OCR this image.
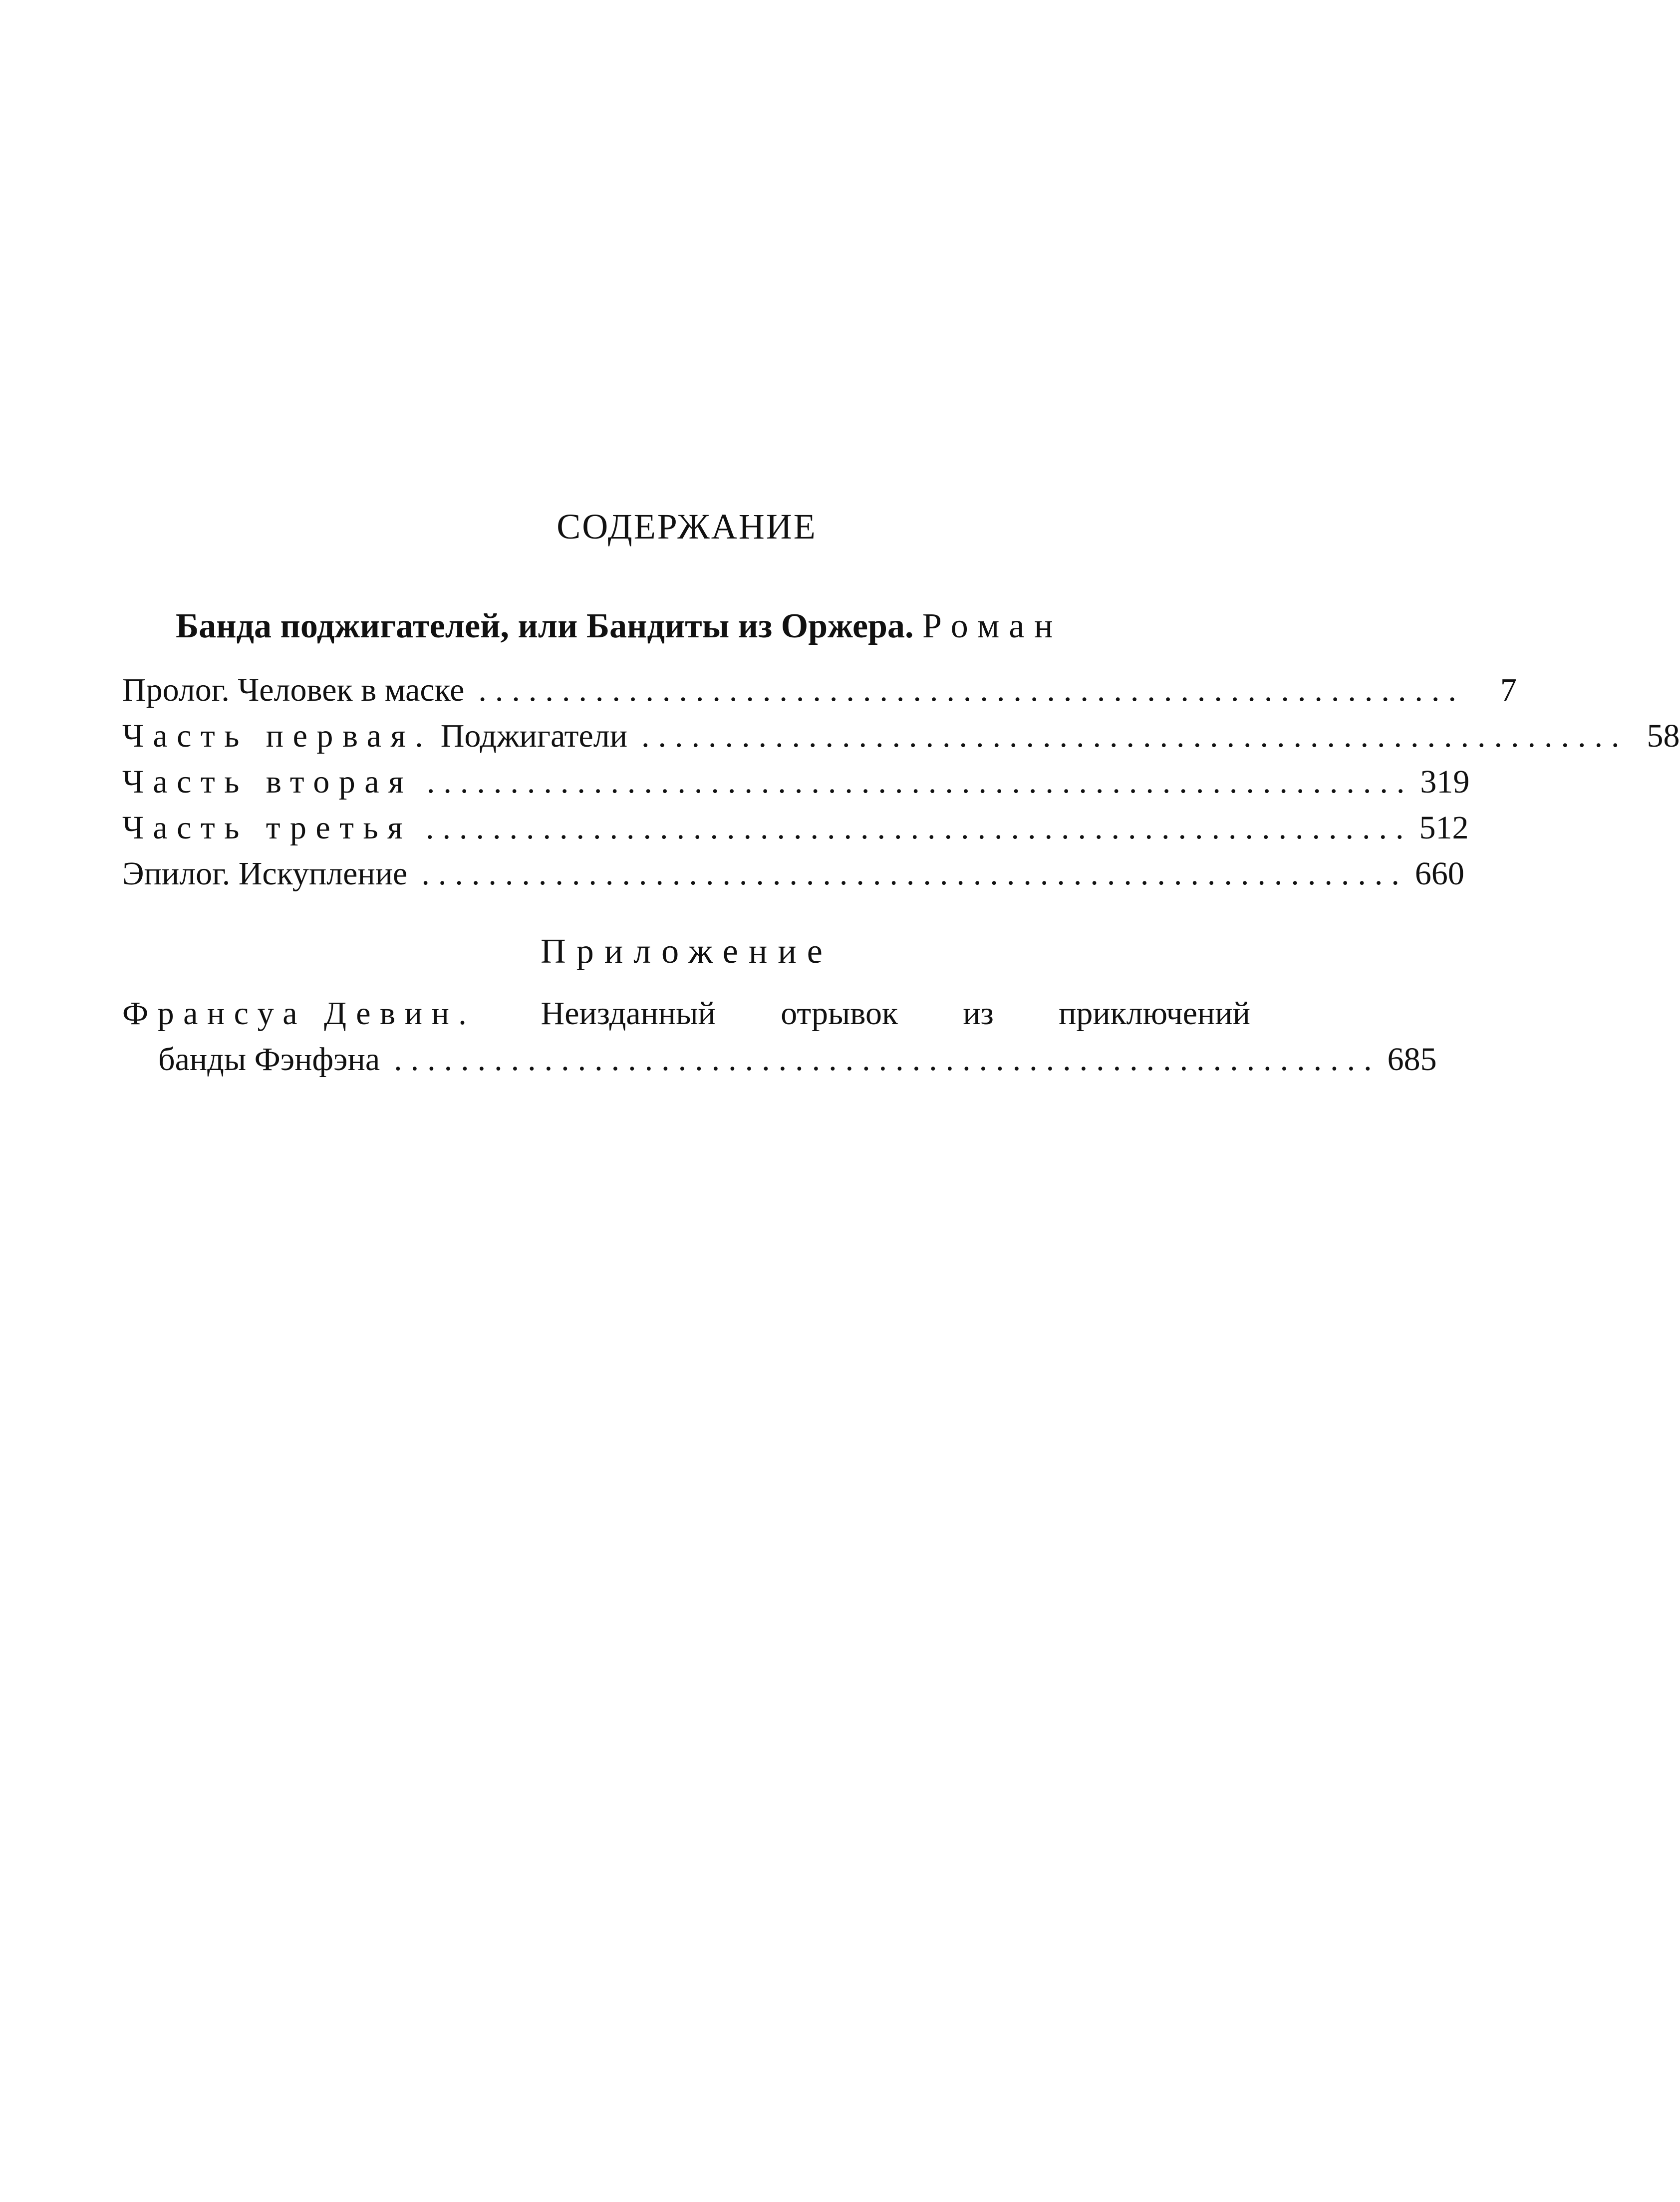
СОДЕРЖАНИЕ
Банда поджигателей, или Бандиты из Оржера. Роман
Пролог. Человек в маске ...........................................................	7
Часть первая. Поджигатели ........................................................... 58
Часть вторая ........................................................... 319
Часть третья ........................................................... 512
Эпилог. Искупление ........................................................... 660
Приложение
Франсуа Девин. Неизданный отрывок из приключений
банды Фэнфэна ........................................................... 685
